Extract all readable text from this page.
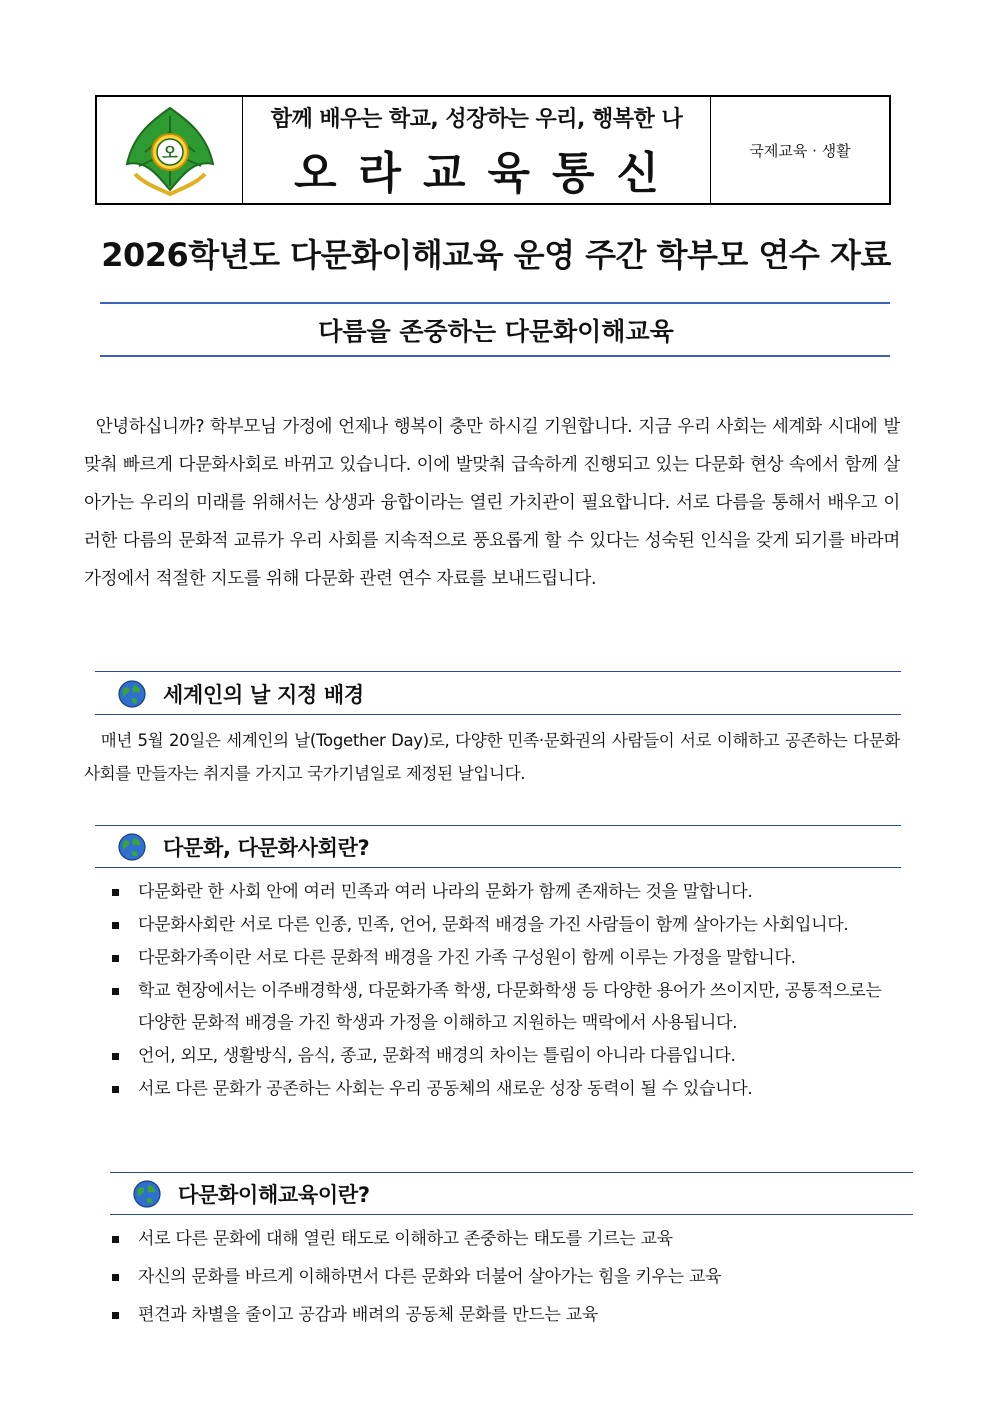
오
함께 배우는 학교, 성장하는 우리, 행복한 나
오라교육통신	국제교육 · 생활
2026학년도 다문화이해교육 운영 주간 학부모 연수 자료
다름을 존중하는 다문화이해교육
안녕하십니까? 학부모님 가정에 언제나 행복이 충만 하시길 기원합니다. 지금 우리 사회는 세계화 시대에 발맞춰 빠르게 다문화사회로 바뀌고 있습니다. 이에 발맞춰 급속하게 진행되고 있는 다문화 현상 속에서 함께 살아가는 우리의 미래를 위해서는 상생과 융합이라는 열린 가치관이 필요합니다. 서로 다름을 통해서 배우고 이러한 다름의 문화적 교류가 우리 사회를 지속적으로 풍요롭게 할 수 있다는 성숙된 인식을 갖게 되기를 바라며 가정에서 적절한 지도를 위해 다문화 관련 연수 자료를 보내드립니다.
세계인의 날 지정 배경
매년 5월 20일은 세계인의 날(Together Day)로, 다양한 민족·문화권의 사람들이 서로 이해하고 공존하는 다문화사회를 만들자는 취지를 가지고 국가기념일로 제정된 날입니다.
다문화, 다문화사회란?
다문화란 한 사회 안에 여러 민족과 여러 나라의 문화가 함께 존재하는 것을 말합니다.
다문화사회란 서로 다른 인종, 민족, 언어, 문화적 배경을 가진 사람들이 함께 살아가는 사회입니다.
다문화가족이란 서로 다른 문화적 배경을 가진 가족 구성원이 함께 이루는 가정을 말합니다.
학교 현장에서는 이주배경학생, 다문화가족 학생, 다문화학생 등 다양한 용어가 쓰이지만, 공통적으로는 다양한 문화적 배경을 가진 학생과 가정을 이해하고 지원하는 맥락에서 사용됩니다.
언어, 외모, 생활방식, 음식, 종교, 문화적 배경의 차이는 틀림이 아니라 다름입니다.
서로 다른 문화가 공존하는 사회는 우리 공동체의 새로운 성장 동력이 될 수 있습니다.
다문화이해교육이란?
서로 다른 문화에 대해 열린 태도로 이해하고 존중하는 태도를 기르는 교육
자신의 문화를 바르게 이해하면서 다른 문화와 더불어 살아가는 힘을 키우는 교육
편견과 차별을 줄이고 공감과 배려의 공동체 문화를 만드는 교육
